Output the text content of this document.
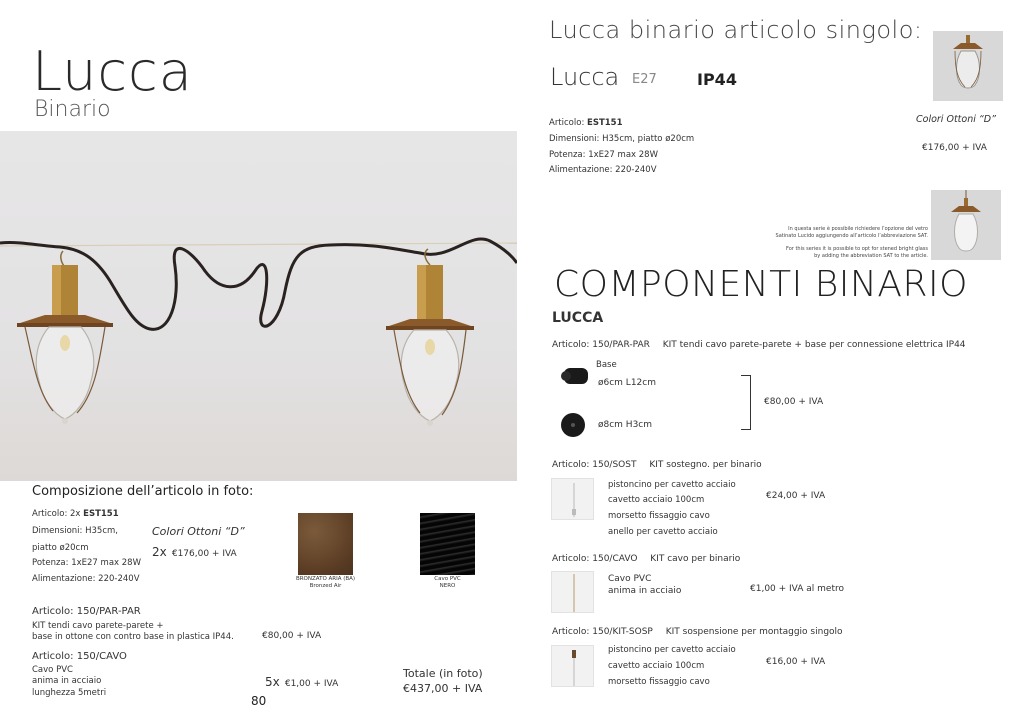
Lucca
Binario
Composizione dell’articolo in foto:
Articolo: 2x EST151
Dimensioni: H35cm,
piatto ø20cm
Potenza: 1xE27 max 28W
Alimentazione: 220-240V
Colori Ottoni “D”
2x €176,00 + IVA
BRONZATO ARIA (BA)
Bronzed Air
Cavo PVC
NERO
Articolo: 150/PAR-PAR
KIT tendi cavo parete-parete +
base in ottone con contro base in plastica IP44.	€80,00 + IVA
Articolo: 150/CAVO
Cavo PVC
anima in acciaio
lunghezza 5metri
5x €1,00 + IVA
Totale (in foto)
€437,00 + IVA
80
Lucca binario articolo singolo:
Lucca E27	IP44
Articolo: EST151
Dimensioni: H35cm, piatto ø20cm
Potenza: 1xE27 max 28W
Alimentazione: 220-240V
Colori Ottoni “D”
€176,00 + IVA
In questa serie è possibile richiedere l’opzione del vetro
Satinato Lucido aggiungendo all’articolo l’abbreviazione SAT.
For this series it is possible to opt for stened bright glass
by adding the abbreviation SAT to the article.
COMPONENTI BINARIO
LUCCA
Articolo: 150/PAR-PAR KIT tendi cavo parete-parete + base per connessione elettrica IP44
Base
ø6cm L12cm
ø8cm H3cm
€80,00 + IVA
Articolo: 150/SOST KIT sostegno. per binario
pistoncino per cavetto acciaio
cavetto acciaio 100cm
morsetto fissaggio cavo
anello per cavetto acciaio
€24,00 + IVA
Articolo: 150/CAVO KIT cavo per binario
Cavo PVC
anima in acciaio	€1,00 + IVA al metro
Articolo: 150/KIT-SOSP KIT sospensione per montaggio singolo
pistoncino per cavetto acciaio
cavetto acciaio 100cm
morsetto fissaggio cavo
€16,00 + IVA
